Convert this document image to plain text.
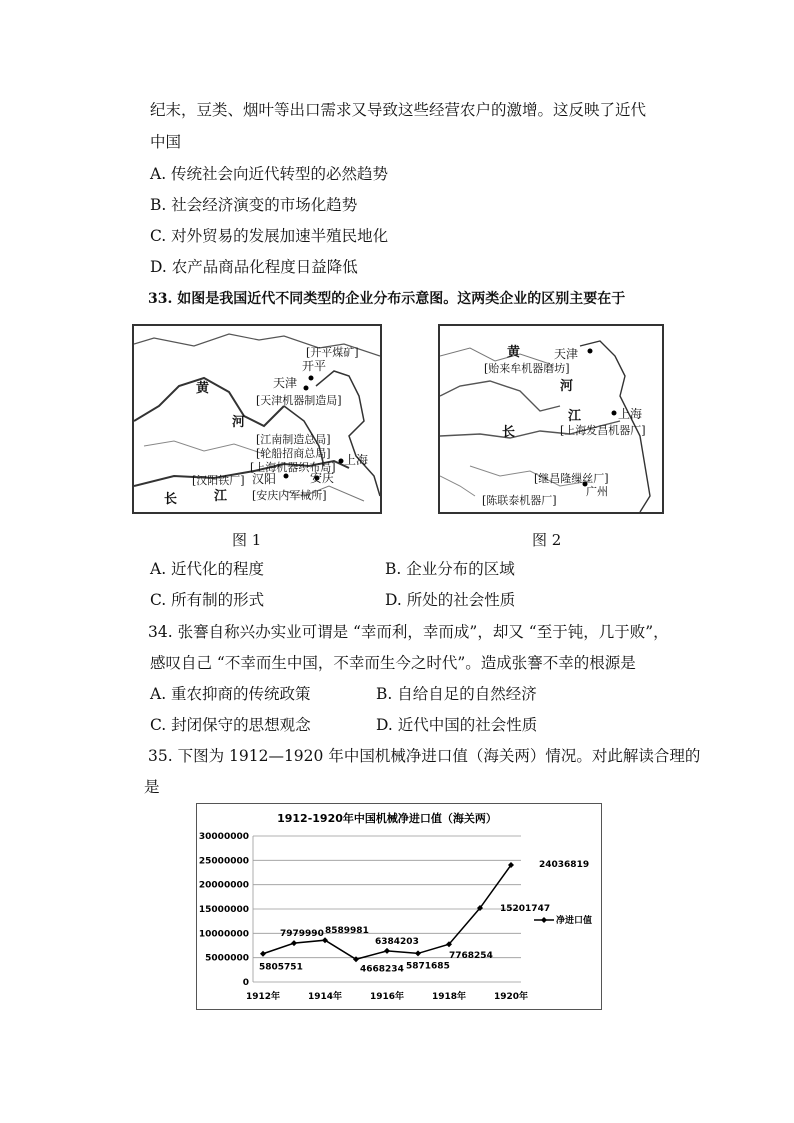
纪末，豆类、烟叶等出口需求又导致这些经营农户的激增。这反映了近代
中国
A. 传统社会向近代转型的必然趋势
B. 社会经济演变的市场化趋势
C. 对外贸易的发展加速半殖民地化
D. 农产品商品化程度日益降低
33. 如图是我国近代不同类型的企业分布示意图。这两类企业的区别主要在于
[开平煤矿]
开平
天津
黄
[天津机器制造局]
河
[江南制造总局]
[轮船招商总局]
[上海机器织布局]
上海
[汉阳铁厂] 汉阳	安庆
长	江 [安庆内军械所]
黄	天津
[贻来牟机器磨坊]
河
江	上海
长	[上海发昌机器厂]
[继昌隆缫丝厂]
广州
[陈联泰机器厂]
图 1	图 2
A. 近代化的程度	B. 企业分布的区域
C. 所有制的形式	D. 所处的社会性质
34. 张謇自称兴办实业可谓是 “幸而利，幸而成”，却又 “至于钝，几于败”，
感叹自己 “不幸而生中国，不幸而生今之时代”。造成张謇不幸的根源是
A. 重农抑商的传统政策	B. 自给自足的自然经济
C. 封闭保守的思想观念	D. 近代中国的社会性质
35. 下图为 1912—1920 年中国机械净进口值（海关两）情况。对此解读合理的
是
1912-1920年中国机械净进口值（海关两）
0
5000000
10000000
15000000
20000000
25000000
30000000
1912年	1914年	1916年	1918年	1920年
5805751
7979990 8589981
4668234
6384203
5871685
7768254
15201747
24036819
净进口值
